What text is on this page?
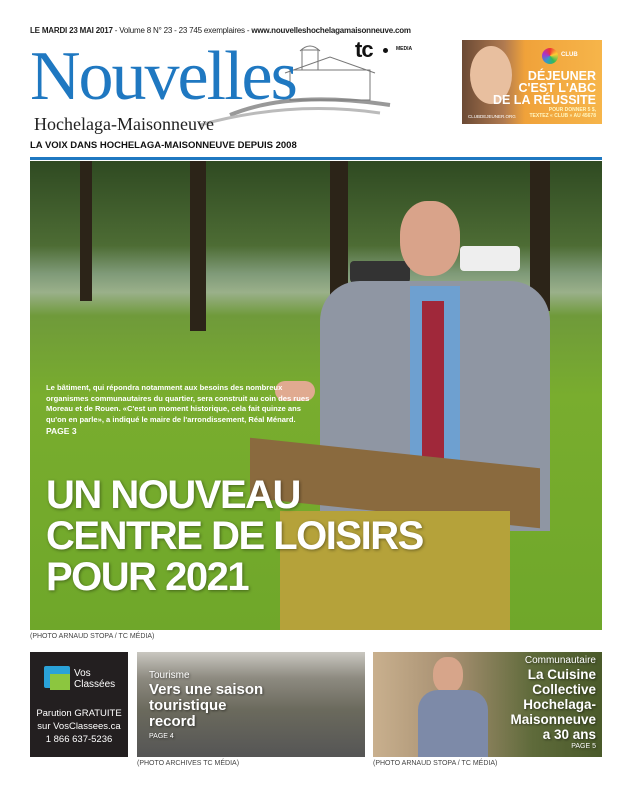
LE MARDI 23 MAI 2017 - Volume 8 N° 23 - 23 745 exemplaires - www.nouvelleshochelagamaisonneuve.com
Nouvelles
Hochelaga-Maisonneuve
tc	MEDIA
CLUB
DÉJEUNER
C'EST L'ABC
DE LA RÉUSSITE
POUR DONNER 5 $,
TEXTEZ « CLUB » AU 45678
CLUBDEJEUNER.ORG
LA VOIX DANS HOCHELAGA-MAISONNEUVE DEPUIS 2008
Le bâtiment, qui répondra notamment aux besoins des nombreux organismes communautaires du quartier, sera construit au coin des rues Moreau et de Rouen. «C'est un moment historique, cela fait quinze ans qu'on en parle», a indiqué le maire de l'arrondissement, Réal Ménard.
PAGE 3
UN NOUVEAU
CENTRE DE LOISIRS
POUR 2021
(PHOTO ARNAUD STOPA / TC MÉDIA)
Vos
Classées
Parution GRATUITE
sur VosClassees.ca
1 866 637-5236
Tourisme
Vers une saison
touristique
record
PAGE 4
(PHOTO ARCHIVES TC MÉDIA)
Communautaire
La Cuisine
Collective
Hochelaga-
Maisonneuve
a 30 ans
PAGE 5
(PHOTO ARNAUD STOPA / TC MÉDIA)
